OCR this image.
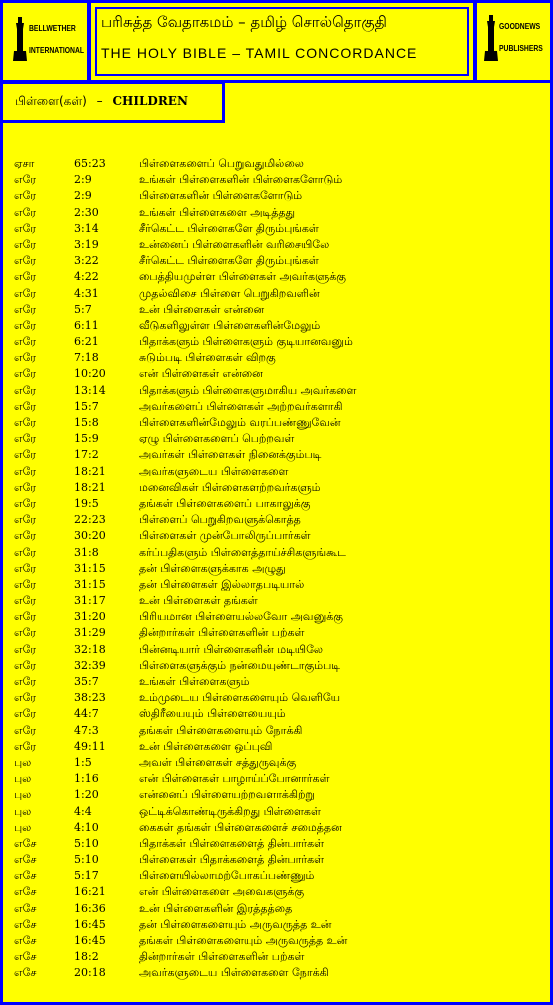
BELLWETHER
INTERNATIONAL
பரிசுத்த வேதாகமம் – தமிழ் சொல்தொகுதி
THE HOLY BIBLE – TAMIL CONCORDANCE
GOODNEWS
PUBLISHERS
பிள்ளை(கள்) – CHILDREN
ஏசா	65:23	பிள்ளைகளைப் பெறுவதுமில்லை
எரே	2:9	உங்கள் பிள்ளைகளின் பிள்ளைகளோடும்
எரே	2:9	பிள்ளைகளின் பிள்ளைகளோடும்
எரே	2:30	உங்கள் பிள்ளைகளை அடித்தது
எரே	3:14	சீர்கெட்ட பிள்ளைகளே திரும்புங்கள்
எரே	3:19	உன்னைப் பிள்ளைகளின் வரிசையிலே
எரே	3:22	சீர்கெட்ட பிள்ளைகளே திரும்புங்கள்
எரே	4:22	பைத்தியமுள்ள பிள்ளைகள் அவர்களுக்கு
எரே	4:31	முதல்விசை பிள்ளை பெறுகிறவளின்
எரே	5:7	உன் பிள்ளைகள் என்னை
எரே	6:11	வீடுகளிலுள்ள பிள்ளைகளின்மேலும்
எரே	6:21	பிதாக்களும் பிள்ளைகளும் குடியானவனும்
எரே	7:18	சுடும்படி பிள்ளைகள் விறகு
எரே	10:20	என் பிள்ளைகள் என்னை
எரே	13:14	பிதாக்களும் பிள்ளைகளுமாகிய அவர்களை
எரே	15:7	அவர்களைப் பிள்ளைகள் அற்றவர்களாகி
எரே	15:8	பிள்ளைகளின்மேலும் வரப்பண்ணுவேன்
எரே	15:9	ஏழு பிள்ளைகளைப் பெற்றவள்
எரே	17:2	அவர்கள் பிள்ளைகள் நினைக்கும்படி
எரே	18:21	அவர்களுடைய பிள்ளைகளை
எரே	18:21	மனைவிகள் பிள்ளைகளற்றவர்களும்
எரே	19:5	தங்கள் பிள்ளைகளைப் பாகாலுக்கு
எரே	22:23	பிள்ளைப் பெறுகிறவளுக்கொத்த
எரே	30:20	பிள்ளைகள் முன்போலிருப்பார்கள்
எரே	31:8	கர்ப்பதிகளும் பிள்ளைத்தாய்ச்சிகளுங்கூட
எரே	31:15	தன் பிள்ளைகளுக்காக அழுது
எரே	31:15	தன் பிள்ளைகள் இல்லாதபடியால்
எரே	31:17	உன் பிள்ளைகள் தங்கள்
எரே	31:20	பிரியமான பிள்ளையல்லவோ அவனுக்கு
எரே	31:29	தின்றார்கள் பிள்ளைகளின் பற்கள்
எரே	32:18	பின்னடியார் பிள்ளைகளின் மடியிலே
எரே	32:39	பிள்ளைகளுக்கும் நன்மையுண்டாகும்படி
எரே	35:7	உங்கள் பிள்ளைகளும்
எரே	38:23	உம்முடைய பிள்ளைகளையும் வெளியே
எரே	44:7	ஸ்திரீயையும் பிள்ளையையும்
எரே	47:3	தங்கள் பிள்ளைகளையும் நோக்கி
எரே	49:11	உன் பிள்ளைகளை ஒப்புவி
புல	1:5	அவள் பிள்ளைகள் சத்துருவுக்கு
புல	1:16	என் பிள்ளைகள் பாழாய்ப்போனார்கள்
புல	1:20	என்னைப் பிள்ளையற்றவளாக்கிற்று
புல	4:4	ஒட்டிக்கொண்டிருக்கிறது பிள்ளைகள்
புல	4:10	கைகள் தங்கள் பிள்ளைகளைச் சமைத்தன
எசே	5:10	பிதாக்கள் பிள்ளைகளைத் தின்பார்கள்
எசே	5:10	பிள்ளைகள் பிதாக்களைத் தின்பார்கள்
எசே	5:17	பிள்ளையில்லாமற்போகப்பண்ணும்
எசே	16:21	என் பிள்ளைகளை அவைகளுக்கு
எசே	16:36	உன் பிள்ளைகளின் இரத்தத்தை
எசே	16:45	தன் பிள்ளைகளையும் அருவருத்த உன்
எசே	16:45	தங்கள் பிள்ளைகளையும் அருவருத்த உன்
எசே	18:2	தின்றார்கள் பிள்ளைகளின் பற்கள்
எசே	20:18	அவர்களுடைய பிள்ளைகளை நோக்கி
